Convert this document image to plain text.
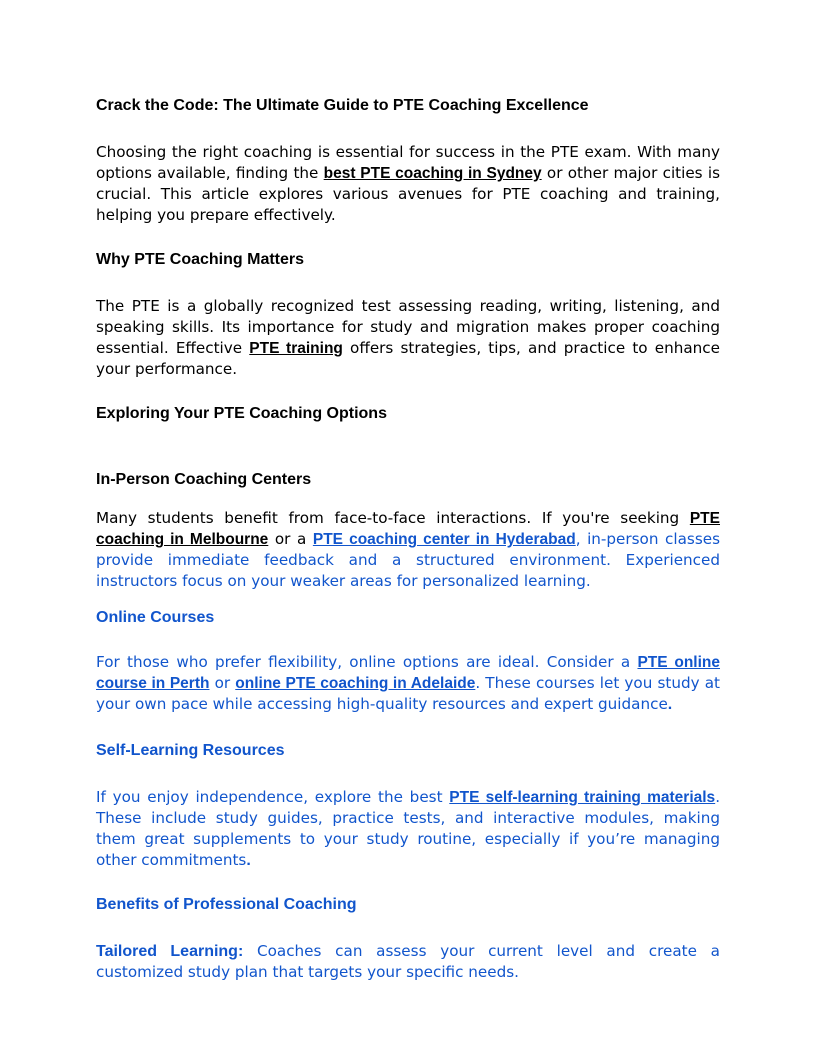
Crack the Code: The Ultimate Guide to PTE Coaching Excellence

Choosing the right coaching is essential for success in the PTE exam. With many options available, finding the best PTE coaching in Sydney or other major cities is crucial. This article explores various avenues for PTE coaching and training, helping you prepare effectively.

Why PTE Coaching Matters

The PTE is a globally recognized test assessing reading, writing, listening, and speaking skills. Its importance for study and migration makes proper coaching essential. Effective PTE training offers strategies, tips, and practice to enhance your performance.

Exploring Your PTE Coaching Options
In-Person Coaching Centers

Many students benefit from face-to-face interactions. If you're seeking PTE coaching in Melbourne or a PTE coaching center in Hyderabad, in-person classes provide immediate feedback and a structured environment. Experienced instructors focus on your weaker areas for personalized learning.

Online Courses

For those who prefer flexibility, online options are ideal. Consider a PTE online course in Perth or online PTE coaching in Adelaide. These courses let you study at your own pace while accessing high-quality resources and expert guidance.

Self-Learning Resources

If you enjoy independence, explore the best PTE self-learning training materials. These include study guides, practice tests, and interactive modules, making them great supplements to your study routine, especially if you’re managing other commitments.

Benefits of Professional Coaching

Tailored Learning: Coaches can assess your current level and create a customized study plan that targets your specific needs.
